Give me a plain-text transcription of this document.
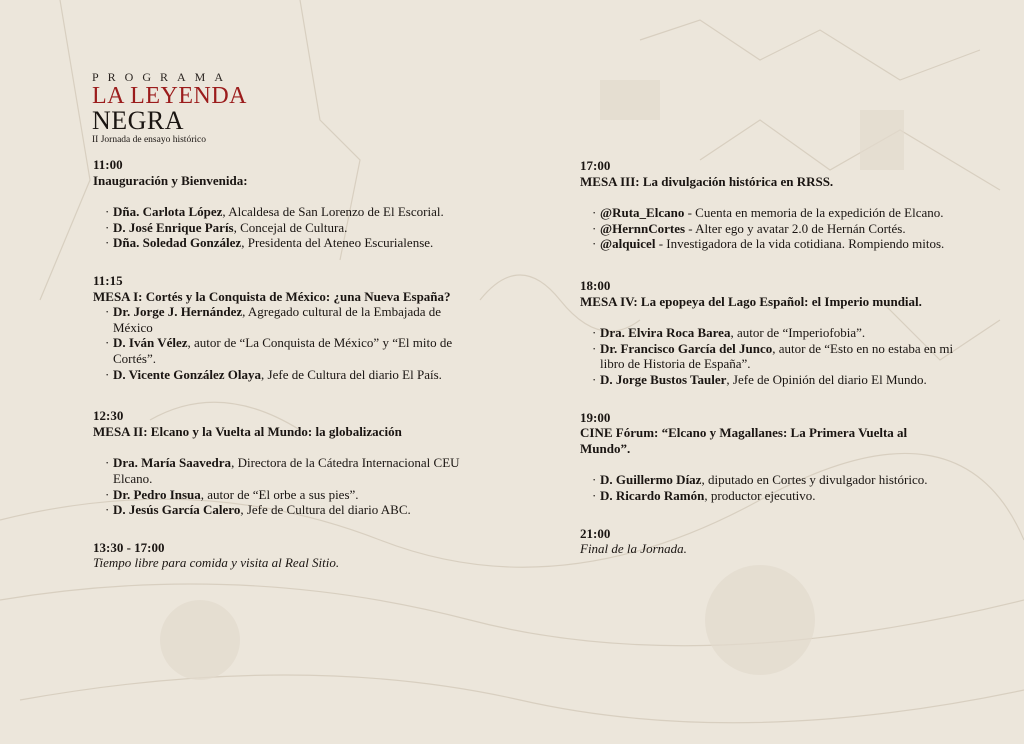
PROGRAMA
LA LEYENDA
NEGRA
II Jornada de ensayo histórico
11:00
Inauguración y Bienvenida:
· Dña. Carlota López, Alcaldesa de San Lorenzo de El Escorial.
· D. José Enrique París, Concejal de Cultura.
· Dña. Soledad González, Presidenta del Ateneo Escurialense.
11:15
MESA I: Cortés y la Conquista de México: ¿una Nueva España?
· Dr. Jorge J. Hernández, Agregado cultural de la Embajada de México
· D. Iván Vélez, autor de “La Conquista de México” y “El mito de Cortés”.
· D. Vicente González Olaya, Jefe de Cultura del diario El País.
12:30
MESA II: Elcano y la Vuelta al Mundo: la globalización
· Dra. María Saavedra, Directora de la Cátedra Internacional CEU Elcano.
· Dr. Pedro Insua, autor de “El orbe a sus pies”.
· D. Jesús García Calero, Jefe de Cultura del diario ABC.
13:30 - 17:00
Tiempo libre para comida y visita al Real Sitio.
17:00
MESA III: La divulgación histórica en RRSS.
· @Ruta_Elcano - Cuenta en memoria de la expedición de Elcano.
· @HernnCortes - Alter ego y avatar 2.0 de Hernán Cortés.
· @alquicel - Investigadora de la vida cotidiana. Rompiendo mitos.
18:00
MESA IV: La epopeya del Lago Español: el Imperio mundial.
· Dra. Elvira Roca Barea, autor de “Imperiofobia”.
· Dr. Francisco García del Junco, autor de “Esto en no estaba en mi libro de Historia de España”.
· D. Jorge Bustos Tauler, Jefe de Opinión del diario El Mundo.
19:00
CINE Fórum: “Elcano y Magallanes: La Primera Vuelta al Mundo”.
· D. Guillermo Díaz, diputado en Cortes y divulgador histórico.
· D. Ricardo Ramón, productor ejecutivo.
21:00
Final de la Jornada.
